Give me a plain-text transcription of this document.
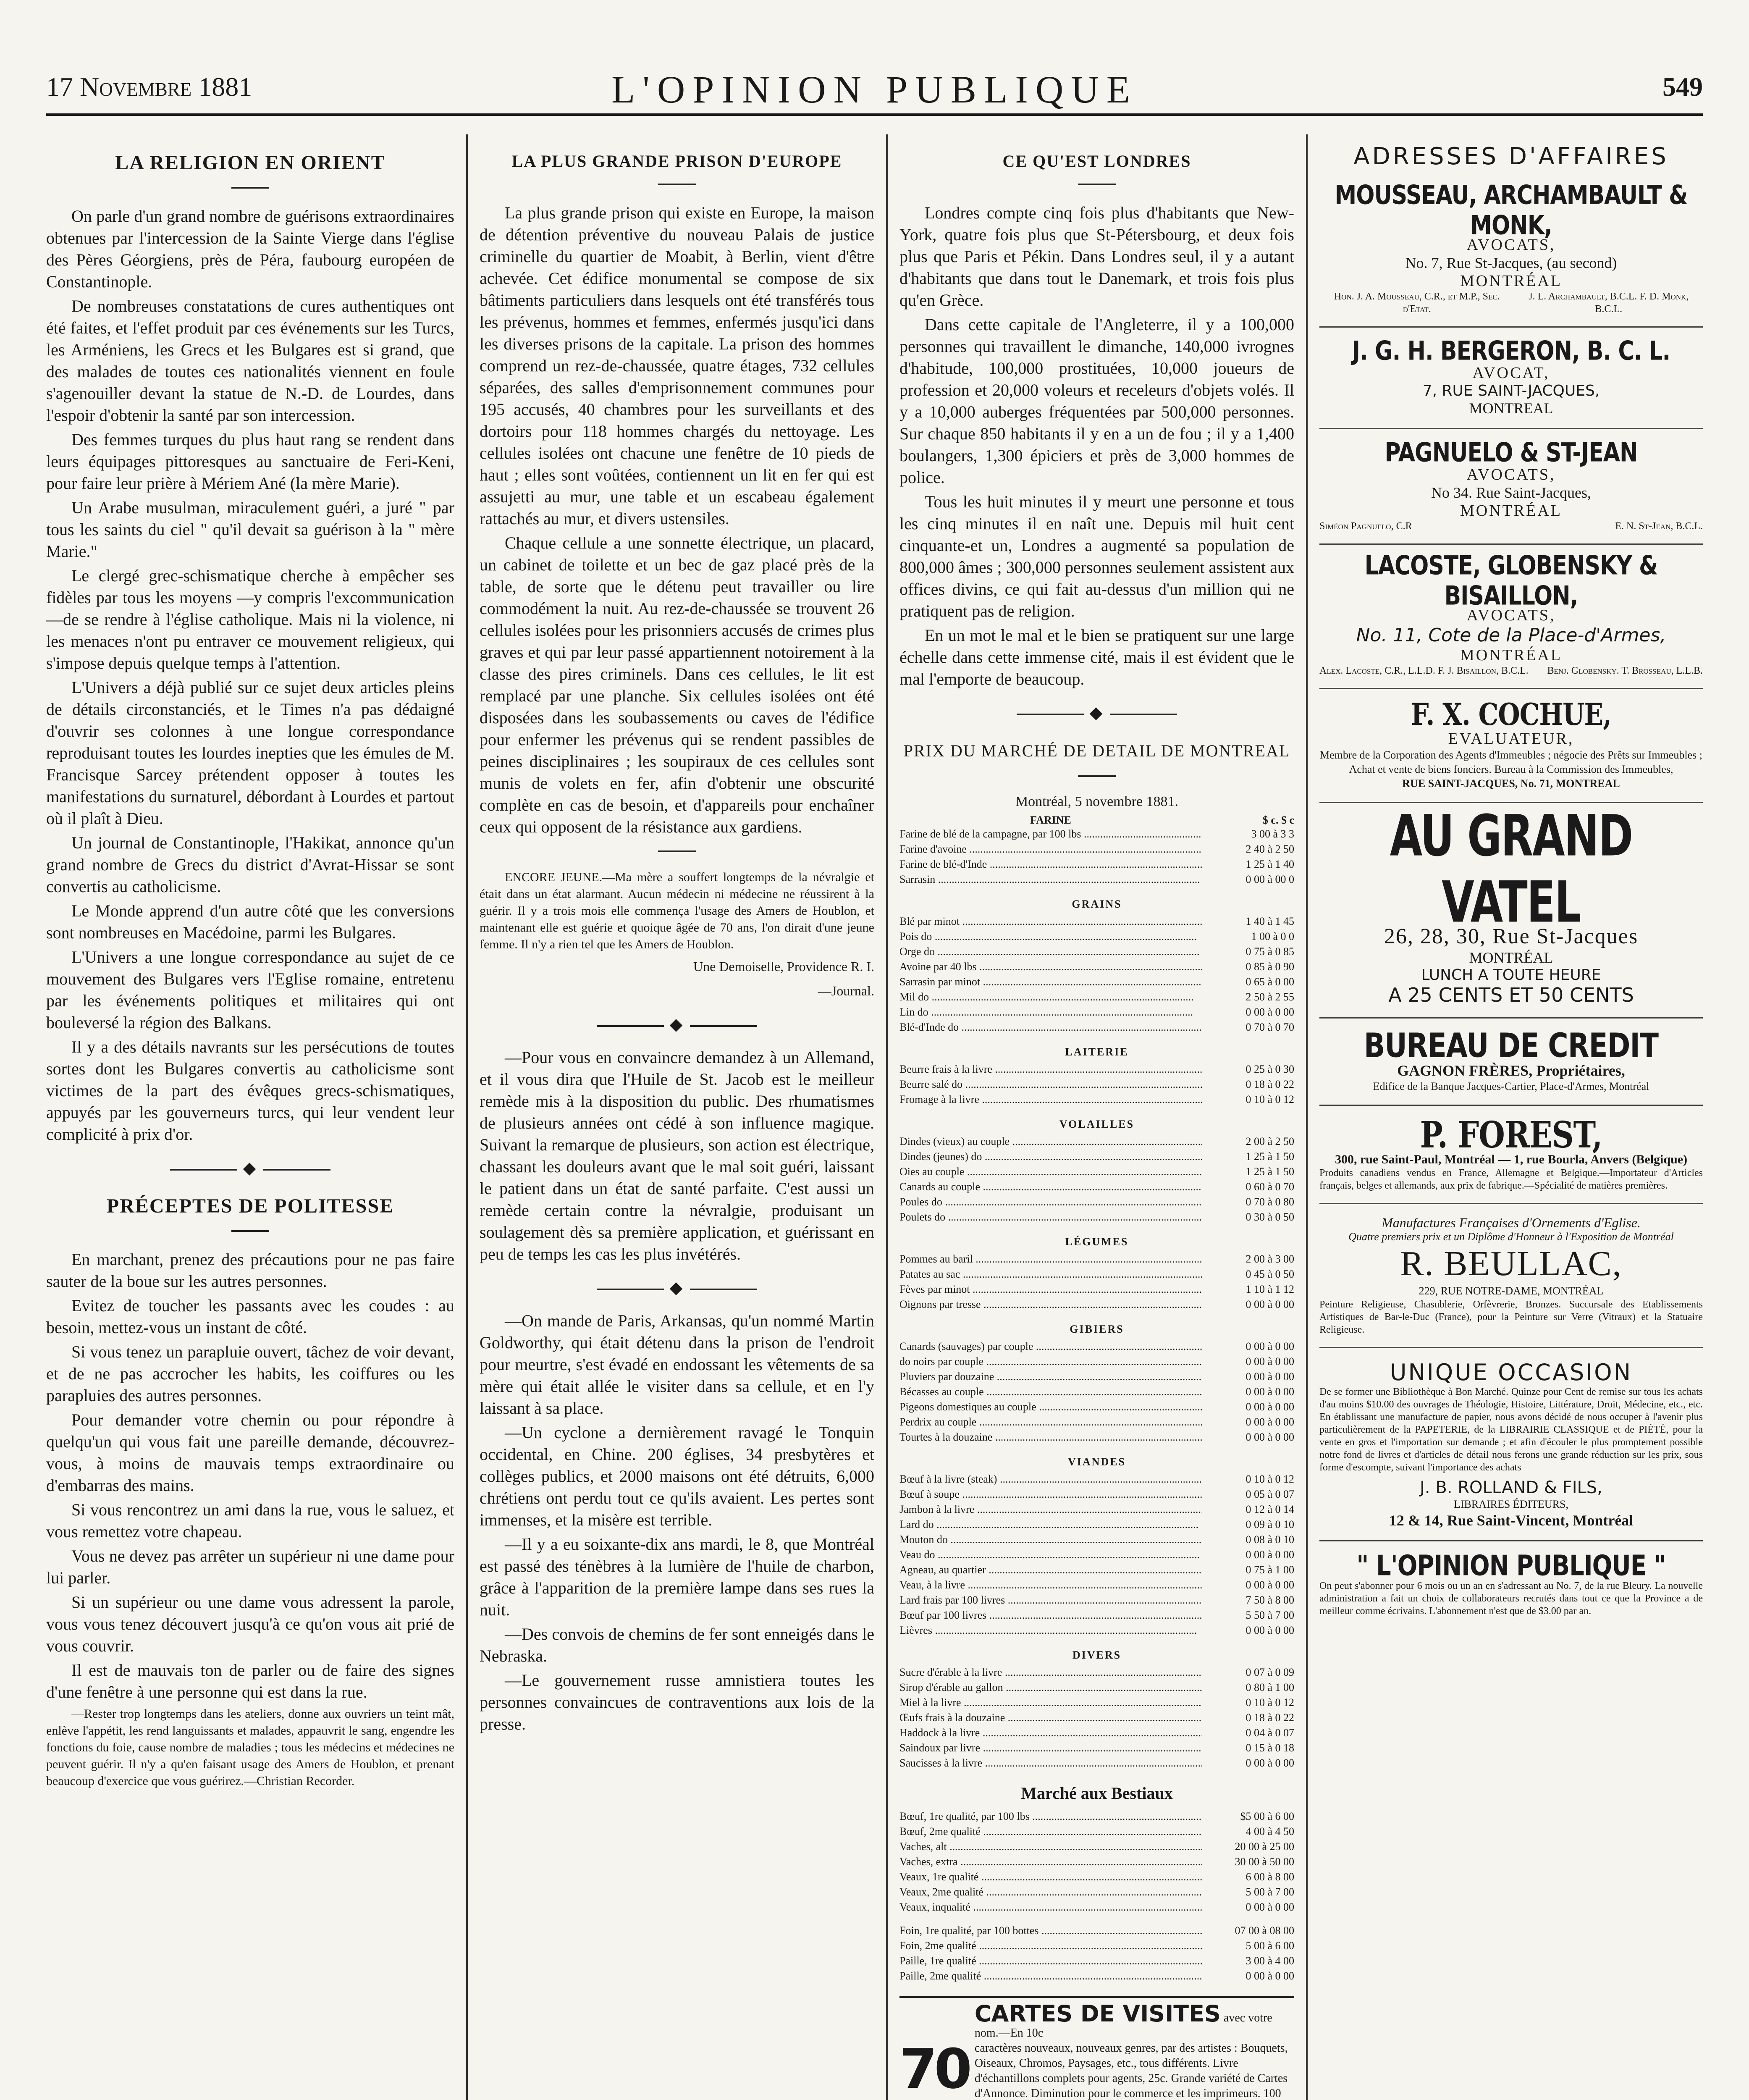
17 Novembre 1881	L'OPINION PUBLIQUE	549
LA RELIGION EN ORIENT

On parle d'un grand nombre de guérisons extraordinaires obtenues par l'intercession de la Sainte Vierge dans l'église des Pères Géorgiens, près de Péra, faubourg européen de Constantinople.

De nombreuses constatations de cures authentiques ont été faites, et l'effet produit par ces événements sur les Turcs, les Arméniens, les Grecs et les Bulgares est si grand, que des malades de toutes ces nationalités viennent en foule s'agenouiller devant la statue de N.-D. de Lourdes, dans l'espoir d'obtenir la santé par son intercession.

Des femmes turques du plus haut rang se rendent dans leurs équipages pittoresques au sanctuaire de Feri-Keni, pour faire leur prière à Mériem Ané (la mère Marie).

Un Arabe musulman, miraculement guéri, a juré " par tous les saints du ciel " qu'il devait sa guérison à la " mère Marie."

Le clergé grec-schismatique cherche à empêcher ses fidèles par tous les moyens —y compris l'excommunication—de se rendre à l'église catholique. Mais ni la violence, ni les menaces n'ont pu entraver ce mouvement religieux, qui s'impose depuis quelque temps à l'attention.

L'Univers a déjà publié sur ce sujet deux articles pleins de détails circonstanciés, et le Times n'a pas dédaigné d'ouvrir ses colonnes à une longue correspondance reproduisant toutes les lourdes inepties que les émules de M. Francisque Sarcey prétendent opposer à toutes les manifestations du surnaturel, débordant à Lourdes et partout où il plaît à Dieu.

Un journal de Constantinople, l'Hakikat, annonce qu'un grand nombre de Grecs du district d'Avrat-Hissar se sont convertis au catholicisme.

Le Monde apprend d'un autre côté que les conversions sont nombreuses en Macédoine, parmi les Bulgares.

L'Univers a une longue correspondance au sujet de ce mouvement des Bulgares vers l'Eglise romaine, entretenu par les événements politiques et militaires qui ont bouleversé la région des Balkans.

Il y a des détails navrants sur les persécutions de toutes sortes dont les Bulgares convertis au catholicisme sont victimes de la part des évêques grecs-schismatiques, appuyés par les gouverneurs turcs, qui leur vendent leur complicité à prix d'or.

◆
PRÉCEPTES DE POLITESSE

En marchant, prenez des précautions pour ne pas faire sauter de la boue sur les autres personnes.

Evitez de toucher les passants avec les coudes : au besoin, mettez-vous un instant de côté.

Si vous tenez un parapluie ouvert, tâchez de voir devant, et de ne pas accrocher les habits, les coiffures ou les parapluies des autres personnes.

Pour demander votre chemin ou pour répondre à quelqu'un qui vous fait une pareille demande, découvrez-vous, à moins de mauvais temps extraordinaire ou d'embarras des mains.

Si vous rencontrez un ami dans la rue, vous le saluez, et vous remettez votre chapeau.

Vous ne devez pas arrêter un supérieur ni une dame pour lui parler.

Si un supérieur ou une dame vous adressent la parole, vous vous tenez découvert jusqu'à ce qu'on vous ait prié de vous couvrir.

Il est de mauvais ton de parler ou de faire des signes d'une fenêtre à une personne qui est dans la rue.

—Rester trop longtemps dans les ateliers, donne aux ouvriers un teint mât, enlève l'appétit, les rend languissants et malades, appauvrit le sang, engendre les fonctions du foie, cause nombre de maladies ; tous les médecins et médecines ne peuvent guérir. Il n'y a qu'en faisant usage des Amers de Houblon, et prenant beaucoup d'exercice que vous guérirez.—Christian Recorder.

LA PLUS GRANDE PRISON D'EUROPE

La plus grande prison qui existe en Europe, la maison de détention préventive du nouveau Palais de justice criminelle du quartier de Moabit, à Berlin, vient d'être achevée. Cet édifice monumental se compose de six bâtiments particuliers dans lesquels ont été transférés tous les prévenus, hommes et femmes, enfermés jusqu'ici dans les diverses prisons de la capitale. La prison des hommes comprend un rez-de-chaussée, quatre étages, 732 cellules séparées, des salles d'emprisonnement communes pour 195 accusés, 40 chambres pour les surveillants et des dortoirs pour 118 hommes chargés du nettoyage. Les cellules isolées ont chacune une fenêtre de 10 pieds de haut ; elles sont voûtées, contiennent un lit en fer qui est assujetti au mur, une table et un escabeau également rattachés au mur, et divers ustensiles.

Chaque cellule a une sonnette électrique, un placard, un cabinet de toilette et un bec de gaz placé près de la table, de sorte que le détenu peut travailler ou lire commodément la nuit. Au rez-de-chaussée se trouvent 26 cellules isolées pour les prisonniers accusés de crimes plus graves et qui par leur passé appartiennent notoirement à la classe des pires criminels. Dans ces cellules, le lit est remplacé par une planche. Six cellules isolées ont été disposées dans les soubassements ou caves de l'édifice pour enfermer les prévenus qui se rendent passibles de peines disciplinaires ; les soupiraux de ces cellules sont munis de volets en fer, afin d'obtenir une obscurité complète en cas de besoin, et d'appareils pour enchaîner ceux qui opposent de la résistance aux gardiens.

ENCORE JEUNE.—Ma mère a souffert longtemps de la névralgie et était dans un état alarmant. Aucun médecin ni médecine ne réussirent à la guérir. Il y a trois mois elle commença l'usage des Amers de Houblon, et maintenant elle est guérie et quoique âgée de 70 ans, l'on dirait d'une jeune femme. Il n'y a rien tel que les Amers de Houblon.

Une Demoiselle, Providence R. I.

—Journal.

◆

—Pour vous en convaincre demandez à un Allemand, et il vous dira que l'Huile de St. Jacob est le meilleur remède mis à la disposition du public. Des rhumatismes de plusieurs années ont cédé à son influence magique. Suivant la remarque de plusieurs, son action est électrique, chassant les douleurs avant que le mal soit guéri, laissant le patient dans un état de santé parfaite. C'est aussi un remède certain contre la névralgie, produisant un soulagement dès sa première application, et guérissant en peu de temps les cas les plus invétérés.

◆

—On mande de Paris, Arkansas, qu'un nommé Martin Goldworthy, qui était détenu dans la prison de l'endroit pour meurtre, s'est évadé en endossant les vêtements de sa mère qui était allée le visiter dans sa cellule, et en l'y laissant à sa place.

—Un cyclone a dernièrement ravagé le Tonquin occidental, en Chine. 200 églises, 34 presbytères et collèges publics, et 2000 maisons ont été détruits, 6,000 chrétiens ont perdu tout ce qu'ils avaient. Les pertes sont immenses, et la misère est terrible.

—Il y a eu soixante-dix ans mardi, le 8, que Montréal est passé des ténèbres à la lumière de l'huile de charbon, grâce à l'apparition de la première lampe dans ses rues la nuit.

—Des convois de chemins de fer sont enneigés dans le Nebraska.

—Le gouvernement russe amnistiera toutes les personnes convaincues de contraventions aux lois de la presse.

CE QU'EST LONDRES

Londres compte cinq fois plus d'habitants que New-York, quatre fois plus que St-Pétersbourg, et deux fois plus que Paris et Pékin. Dans Londres seul, il y a autant d'habitants que dans tout le Danemark, et trois fois plus qu'en Grèce.

Dans cette capitale de l'Angleterre, il y a 100,000 personnes qui travaillent le dimanche, 140,000 ivrognes d'habitude, 100,000 prostituées, 10,000 joueurs de profession et 20,000 voleurs et receleurs d'objets volés. Il y a 10,000 auberges fréquentées par 500,000 personnes. Sur chaque 850 habitants il y en a un de fou ; il y a 1,400 boulangers, 1,300 épiciers et près de 3,000 hommes de police.

Tous les huit minutes il y meurt une personne et tous les cinq minutes il en naît une. Depuis mil huit cent cinquante-et un, Londres a augmenté sa population de 800,000 âmes ; 300,000 personnes seulement assistent aux offices divins, ce qui fait au-dessus d'un million qui ne pratiquent pas de religion.

En un mot le mal et le bien se pratiquent sur une large échelle dans cette immense cité, mais il est évident que le mal l'emporte de beaucoup.

◆
PRIX DU MARCHÉ DE DETAIL DE MONTREAL
Montréal, 5 novembre 1881.
FARINE	$ c. $ c
Farine de blé de la campagne, par 100 lbs .....	3 00 à 3 3
Farine d'avoine .....	2 40 à 2 50
Farine de blé-d'Inde .....	1 25 à 1 40
Sarrasin .....	0 00 à 00 0
GRAINS
Blé par minot .....	1 40 à 1 45
Pois do .....	1 00 à 0 0
Orge do .....	0 75 à 0 85
Avoine par 40 lbs .....	0 85 à 0 90
Sarrasin par minot .....	0 65 à 0 00
Mil do .....	2 50 à 2 55
Lin do .....	0 00 à 0 00
Blé-d'Inde do .....	0 70 à 0 70
LAITERIE
Beurre frais à la livre .....	0 25 à 0 30
Beurre salé do .....	0 18 à 0 22
Fromage à la livre .....	0 10 à 0 12
VOLAILLES
Dindes (vieux) au couple .....	2 00 à 2 50
Dindes (jeunes) do .....	1 25 à 1 50
Oies au couple .....	1 25 à 1 50
Canards au couple .....	0 60 à 0 70
Poules do .....	0 70 à 0 80
Poulets do .....	0 30 à 0 50
LÉGUMES
Pommes au baril .....	2 00 à 3 00
Patates au sac .....	0 45 à 0 50
Fèves par minot .....	1 10 à 1 12
Oignons par tresse .....	0 00 à 0 00
GIBIERS
Canards (sauvages) par couple .....	0 00 à 0 00
do noirs par couple .....	0 00 à 0 00
Pluviers par douzaine .....	0 00 à 0 00
Bécasses au couple .....	0 00 à 0 00
Pigeons domestiques au couple .....	0 00 à 0 00
Perdrix au couple .....	0 00 à 0 00
Tourtes à la douzaine .....	0 00 à 0 00
VIANDES
Bœuf à la livre (steak) .....	0 10 à 0 12
Bœuf à soupe .....	0 05 à 0 07
Jambon à la livre .....	0 12 à 0 14
Lard do .....	0 09 à 0 10
Mouton do .....	0 08 à 0 10
Veau do .....	0 00 à 0 00
Agneau, au quartier .....	0 75 à 1 00
Veau, à la livre .....	0 00 à 0 00
Lard frais par 100 livres .....	7 50 à 8 00
Bœuf par 100 livres .....	5 50 à 7 00
Lièvres .....	0 00 à 0 00
DIVERS
Sucre d'érable à la livre .....	0 07 à 0 09
Sirop d'érable au gallon .....	0 80 à 1 00
Miel à la livre .....	0 10 à 0 12
Œufs frais à la douzaine .....	0 18 à 0 22
Haddock à la livre .....	0 04 à 0 07
Saindoux par livre .....	0 15 à 0 18
Saucisses à la livre .....	0 00 à 0 00
Marché aux Bestiaux
Bœuf, 1re qualité, par 100 lbs .....	$5 00 à 6 00
Bœuf, 2me qualité .....	4 00 à 4 50
Vaches, alt .....	20 00 à 25 00
Vaches, extra .....	30 00 à 50 00
Veaux, 1re qualité .....	6 00 à 8 00
Veaux, 2me qualité .....	5 00 à 7 00
Veaux, inqualité .....	0 00 à 0 00
Foin, 1re qualité, par 100 bottes .....	07 00 à 08 00
Foin, 2me qualité .....	5 00 à 6 00
Paille, 1re qualité .....	3 00 à 4 00
Paille, 2me qualité .....	0 00 à 0 00
70
CARTES DE VISITES avec votre nom.—En 10c
caractères nouveaux, nouveaux genres, par des artistes : Bouquets, Oiseaux, Chromos, Paysages, etc., tous différents. Livre d'échantillons complets pour agents, 25c. Grande variété de Cartes d'Annonce. Diminution pour le commerce et les imprimeurs. 100

ADRESSES D'AFFAIRES
MOUSSEAU, ARCHAMBAULT & MONK,
AVOCATS,
No. 7, Rue St-Jacques, (au second)
MONTRÉAL
Hon. J. A. Mousseau, C.R., et M.P., Sec. d'Etat.
J. L. Archambault, B.C.L. F. D. Monk, B.C.L.
J. G. H. BERGERON, B. C. L.
AVOCAT,
7, RUE SAINT-JACQUES,
MONTREAL
PAGNUELO & ST-JEAN
AVOCATS,
No 34. Rue Saint-Jacques,
MONTRÉAL
Siméon Pagnuelo, C.R	E. N. St-Jean, B.C.L.
LACOSTE, GLOBENSKY & BISAILLON,
AVOCATS,
No. 11, Cote de la Place-d'Armes,
MONTRÉAL
Alex. Lacoste, C.R., L.L.D. F. J. Bisaillon, B.C.L. Benj. Globensky. T. Brosseau, L.L.B.
F. X. COCHUE,
EVALUATEUR,
Membre de la Corporation des Agents d'Immeubles ; négocie des Prêts sur Immeubles ; Achat et vente de biens fonciers. Bureau à la Commission des Immeubles,
RUE SAINT-JACQUES, No. 71, MONTREAL
AU GRAND VATEL
26, 28, 30, Rue St-Jacques
MONTRÉAL
LUNCH A TOUTE HEURE
A 25 CENTS ET 50 CENTS
BUREAU DE CREDIT
GAGNON FRÈRES, Propriétaires,
Edifice de la Banque Jacques-Cartier, Place-d'Armes, Montréal
P. FOREST,
300, rue Saint-Paul, Montréal — 1, rue Bourla, Anvers (Belgique)
Produits canadiens vendus en France, Allemagne et Belgique.—Importateur d'Articles français, belges et allemands, aux prix de fabrique.—Spécialité de matières premières.
Manufactures Françaises d'Ornements d'Eglise.
Quatre premiers prix et un Diplôme d'Honneur à l'Exposition de Montréal
R. BEULLAC,
229, RUE NOTRE-DAME, MONTRÉAL
Peinture Religieuse, Chasublerie, Orfèvrerie, Bronzes. Succursale des Etablissements Artistiques de Bar-le-Duc (France), pour la Peinture sur Verre (Vitraux) et la Statuaire Religieuse.
UNIQUE OCCASION
De se former une Bibliothèque à Bon Marché. Quinze pour Cent de remise sur tous les achats d'au moins $10.00 des ouvrages de Théologie, Histoire, Littérature, Droit, Médecine, etc., etc. En établissant une manufacture de papier, nous avons décidé de nous occuper à l'avenir plus particulièrement de la PAPETERIE, de la LIBRAIRIE CLASSIQUE et de PIÉTÉ, pour la vente en gros et l'importation sur demande ; et afin d'écouler le plus promptement possible notre fond de livres et d'articles de détail nous ferons une grande réduction sur les prix, sous forme d'escompte, suivant l'importance des achats
J. B. ROLLAND & FILS,
LIBRAIRES ÉDITEURS,
12 & 14, Rue Saint-Vincent, Montréal
" L'OPINION PUBLIQUE "
On peut s'abonner pour 6 mois ou un an en s'adressant au No. 7, de la rue Bleury. La nouvelle administration a fait un choix de collaborateurs recrutés dans tout ce que la Province a de meilleur comme écrivains. L'abonnement n'est que de $3.00 par an.
